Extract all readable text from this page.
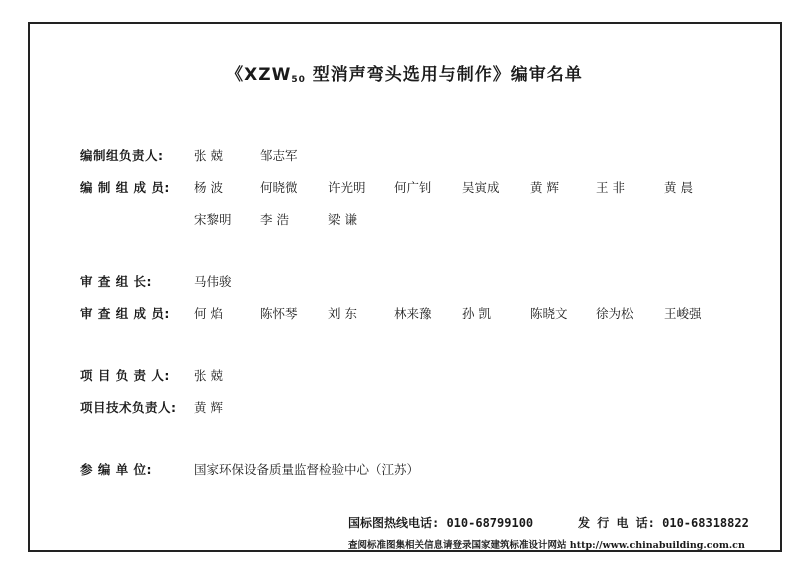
《$XZW_{50}$ 型消声弯头选用与制作》编审名单
编制组负责人: 张 兢	邹志军
编 制 组 成 员: 杨 波	何晓微 许光明 何广钊 吴寅成 黄 辉	王 非	黄 晨
宋黎明 李 浩	梁 谦
审 查 组 长:	马伟骏
审 查 组 成 员: 何 焰	陈怀琴 刘 东	林来豫 孙 凯	陈晓文 徐为松 王峻强
项 目 负 责 人: 张 兢
项目技术负责人: 黄 辉
参 编 单 位:	国家环保设备质量监督检验中心（江苏）
国标图热线电话: 010-68799100	发 行 电 话: 010-68318822
查阅标准图集相关信息请登录国家建筑标准设计网站 http://www.chinabuilding.com.cn
